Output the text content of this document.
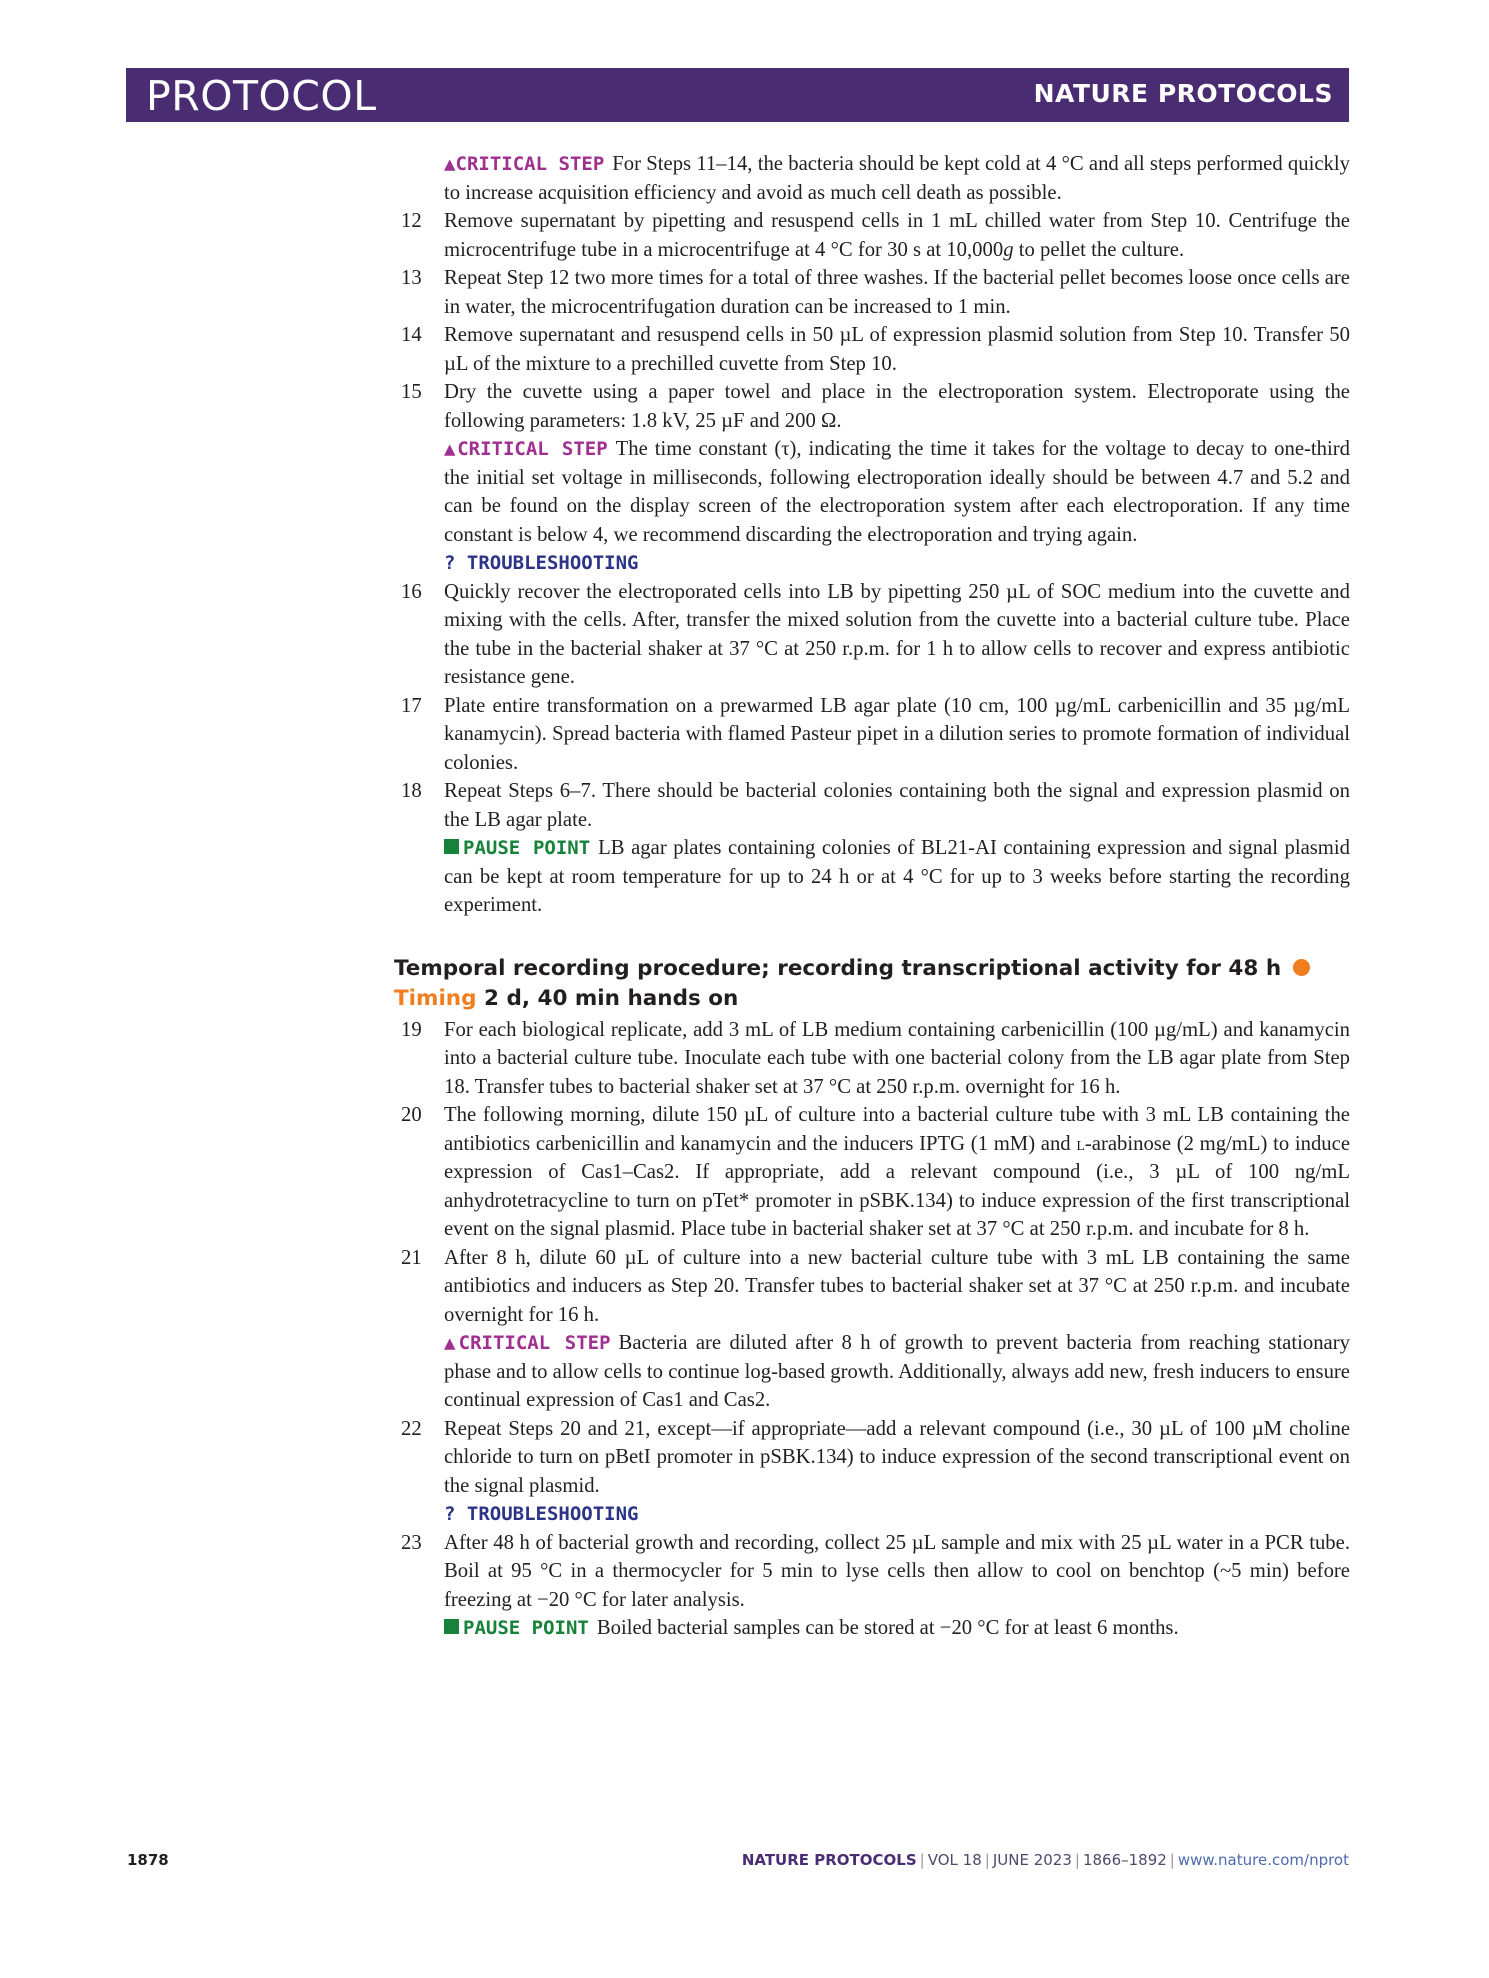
PROTOCOL	NATURE PROTOCOLS

▲CRITICAL STEP For Steps 11–14, the bacteria should be kept cold at 4 °C and all steps performed quickly to increase acquisition efficiency and avoid as much cell death as possible.

12 Remove supernatant by pipetting and resuspend cells in 1 mL chilled water from Step 10. Centrifuge the microcentrifuge tube in a microcentrifuge at 4 °C for 30 s at 10,000g to pellet the culture.

13 Repeat Step 12 two more times for a total of three washes. If the bacterial pellet becomes loose once cells are in water, the microcentrifugation duration can be increased to 1 min.

14 Remove supernatant and resuspend cells in 50 µL of expression plasmid solution from Step 10. Transfer 50 µL of the mixture to a prechilled cuvette from Step 10.

15 Dry the cuvette using a paper towel and place in the electroporation system. Electroporate using the following parameters: 1.8 kV, 25 µF and 200 Ω.

▲CRITICAL STEP The time constant (τ), indicating the time it takes for the voltage to decay to one-third the initial set voltage in milliseconds, following electroporation ideally should be between 4.7 and 5.2 and can be found on the display screen of the electroporation system after each electroporation. If any time constant is below 4, we recommend discarding the electroporation and trying again.

? TROUBLESHOOTING

16 Quickly recover the electroporated cells into LB by pipetting 250 µL of SOC medium into the cuvette and mixing with the cells. After, transfer the mixed solution from the cuvette into a bacterial culture tube. Place the tube in the bacterial shaker at 37 °C at 250 r.p.m. for 1 h to allow cells to recover and express antibiotic resistance gene.

17 Plate entire transformation on a prewarmed LB agar plate (10 cm, 100 µg/mL carbenicillin and 35 µg/mL kanamycin). Spread bacteria with flamed Pasteur pipet in a dilution series to promote formation of individual colonies.

18 Repeat Steps 6–7. There should be bacterial colonies containing both the signal and expression plasmid on the LB agar plate.

PAUSE POINT LB agar plates containing colonies of BL21-AI containing expression and signal plasmid can be kept at room temperature for up to 24 h or at 4 °C for up to 3 weeks before starting the recording experiment.

Temporal recording procedure; recording transcriptional activity for 48 h Timing 2 d, 40 min hands on

19 For each biological replicate, add 3 mL of LB medium containing carbenicillin (100 µg/mL) and kanamycin into a bacterial culture tube. Inoculate each tube with one bacterial colony from the LB agar plate from Step 18. Transfer tubes to bacterial shaker set at 37 °C at 250 r.p.m. overnight for 16 h.

20 The following morning, dilute 150 µL of culture into a bacterial culture tube with 3 mL LB containing the antibiotics carbenicillin and kanamycin and the inducers IPTG (1 mM) and l-arabinose (2 mg/mL) to induce expression of Cas1–Cas2. If appropriate, add a relevant compound (i.e., 3 µL of 100 ng/mL anhydrotetracycline to turn on pTet* promoter in pSBK.134) to induce expression of the first transcriptional event on the signal plasmid. Place tube in bacterial shaker set at 37 °C at 250 r.p.m. and incubate for 8 h.

21 After 8 h, dilute 60 µL of culture into a new bacterial culture tube with 3 mL LB containing the same antibiotics and inducers as Step 20. Transfer tubes to bacterial shaker set at 37 °C at 250 r.p.m. and incubate overnight for 16 h.

▲CRITICAL STEP Bacteria are diluted after 8 h of growth to prevent bacteria from reaching stationary phase and to allow cells to continue log-based growth. Additionally, always add new, fresh inducers to ensure continual expression of Cas1 and Cas2.

22 Repeat Steps 20 and 21, except—if appropriate—add a relevant compound (i.e., 30 µL of 100 µM choline chloride to turn on pBetI promoter in pSBK.134) to induce expression of the second transcriptional event on the signal plasmid.

? TROUBLESHOOTING

23 After 48 h of bacterial growth and recording, collect 25 µL sample and mix with 25 µL water in a PCR tube. Boil at 95 °C in a thermocycler for 5 min to lyse cells then allow to cool on benchtop (~5 min) before freezing at −20 °C for later analysis.

PAUSE POINT Boiled bacterial samples can be stored at −20 °C for at least 6 months.

1878	NATURE PROTOCOLS | VOL 18 | JUNE 2023 | 1866–1892 | www.nature.com/nprot
